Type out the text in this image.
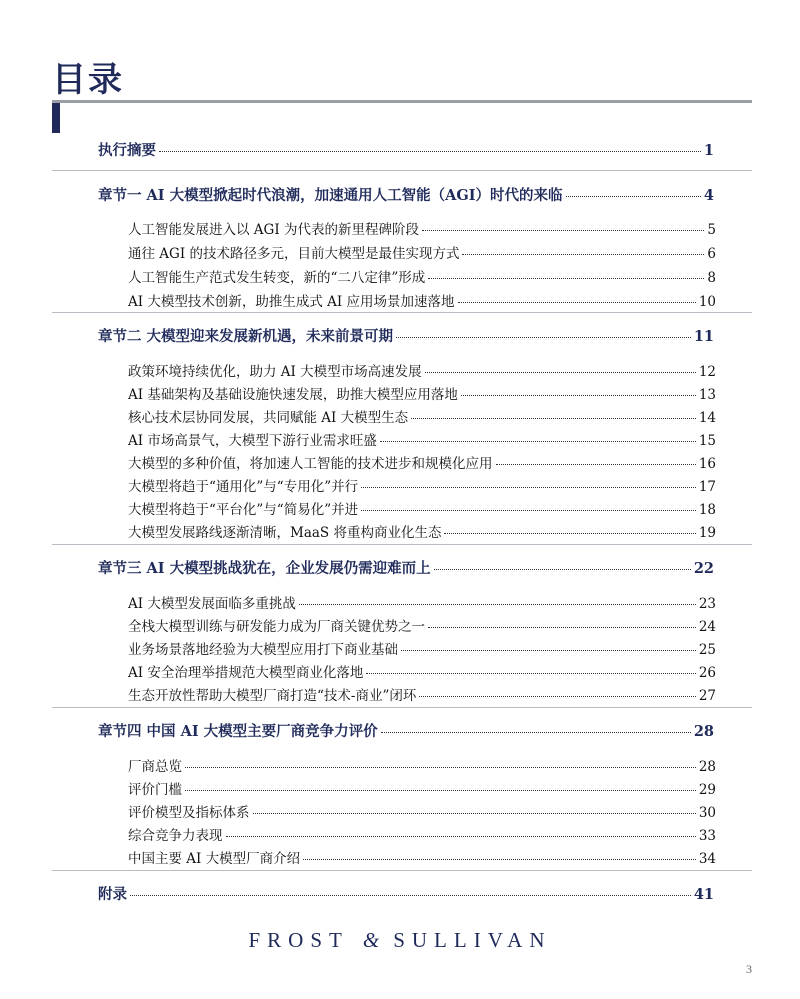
目录
执行摘要	1
章节一 AI 大模型掀起时代浪潮，加速通用人工智能（AGI）时代的来临	4
人工智能发展进入以 AGI 为代表的新里程碑阶段	5
通往 AGI 的技术路径多元，目前大模型是最佳实现方式	6
人工智能生产范式发生转变，新的“二八定律”形成	8
AI 大模型技术创新，助推生成式 AI 应用场景加速落地	10
章节二 大模型迎来发展新机遇，未来前景可期	11
政策环境持续优化，助力 AI 大模型市场高速发展	12
AI 基础架构及基础设施快速发展，助推大模型应用落地	13
核心技术层协同发展，共同赋能 AI 大模型生态	14
AI 市场高景气，大模型下游行业需求旺盛	15
大模型的多种价值，将加速人工智能的技术进步和规模化应用	16
大模型将趋于“通用化”与“专用化”并行	17
大模型将趋于“平台化”与“简易化”并进	18
大模型发展路线逐渐清晰，MaaS 将重构商业化生态	19
章节三 AI 大模型挑战犹在，企业发展仍需迎难而上	22
AI 大模型发展面临多重挑战	23
全栈大模型训练与研发能力成为厂商关键优势之一	24
业务场景落地经验为大模型应用打下商业基础	25
AI 安全治理举措规范大模型商业化落地	26
生态开放性帮助大模型厂商打造“技术-商业”闭环	27
章节四 中国 AI 大模型主要厂商竞争力评价	28
厂商总览	28
评价门槛	29
评价模型及指标体系	30
综合竞争力表现	33
中国主要 AI 大模型厂商介绍	34
附录	41
FROST & SULLIVAN
3
